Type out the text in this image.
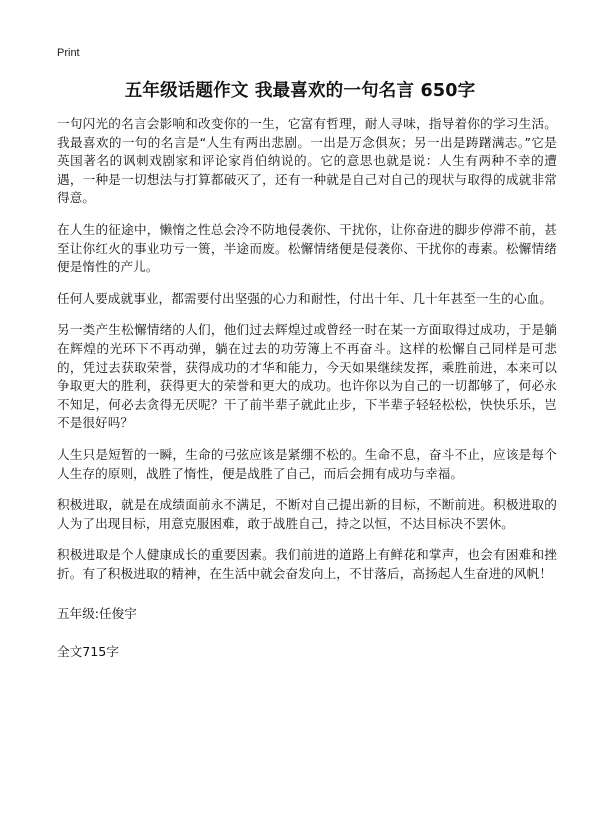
Print
五年级话题作文 我最喜欢的一句名言 650字

一句闪光的名言会影响和改变你的一生，它富有哲理，耐人寻味，指导着你的学习生活。我最喜欢的一句的名言是“人生有两出悲剧。一出是万念俱灰；另一出是踌躇满志。”它是英国著名的讽刺戏剧家和评论家肖伯纳说的。它的意思也就是说：人生有两种不幸的遭遇，一种是一切想法与打算都破灭了，还有一种就是自己对自己的现状与取得的成就非常得意。

在人生的征途中，懒惰之性总会冷不防地侵袭你、干扰你，让你奋进的脚步停滞不前，甚至让你红火的事业功亏一篑，半途而废。松懈情绪便是侵袭你、干扰你的毒素。松懈情绪便是惰性的产儿。

任何人要成就事业，都需要付出坚强的心力和耐性，付出十年、几十年甚至一生的心血。

另一类产生松懈情绪的人们，他们过去辉煌过或曾经一时在某一方面取得过成功，于是躺在辉煌的光环下不再动弹，躺在过去的功劳簿上不再奋斗。这样的松懈自己同样是可悲的，凭过去获取荣誉，获得成功的才华和能力，今天如果继续发挥，乘胜前进，本来可以争取更大的胜利，获得更大的荣誉和更大的成功。也许你以为自己的一切都够了，何必永不知足，何必去贪得无厌呢？干了前半辈子就此止步，下半辈子轻轻松松，快快乐乐，岂不是很好吗？

人生只是短暂的一瞬，生命的弓弦应该是紧绷不松的。生命不息，奋斗不止，应该是每个人生存的原则，战胜了惰性，便是战胜了自己，而后会拥有成功与幸福。

积极进取，就是在成绩面前永不满足，不断对自己提出新的目标，不断前进。积极进取的人为了出现目标，用意克服困难，敢于战胜自己，持之以恒，不达目标决不罢休。

积极进取是个人健康成长的重要因素。我们前进的道路上有鲜花和掌声，也会有困难和挫折。有了积极进取的精神，在生活中就会奋发向上，不甘落后，高扬起人生奋进的风帆！

五年级:任俊宇
全文715字
